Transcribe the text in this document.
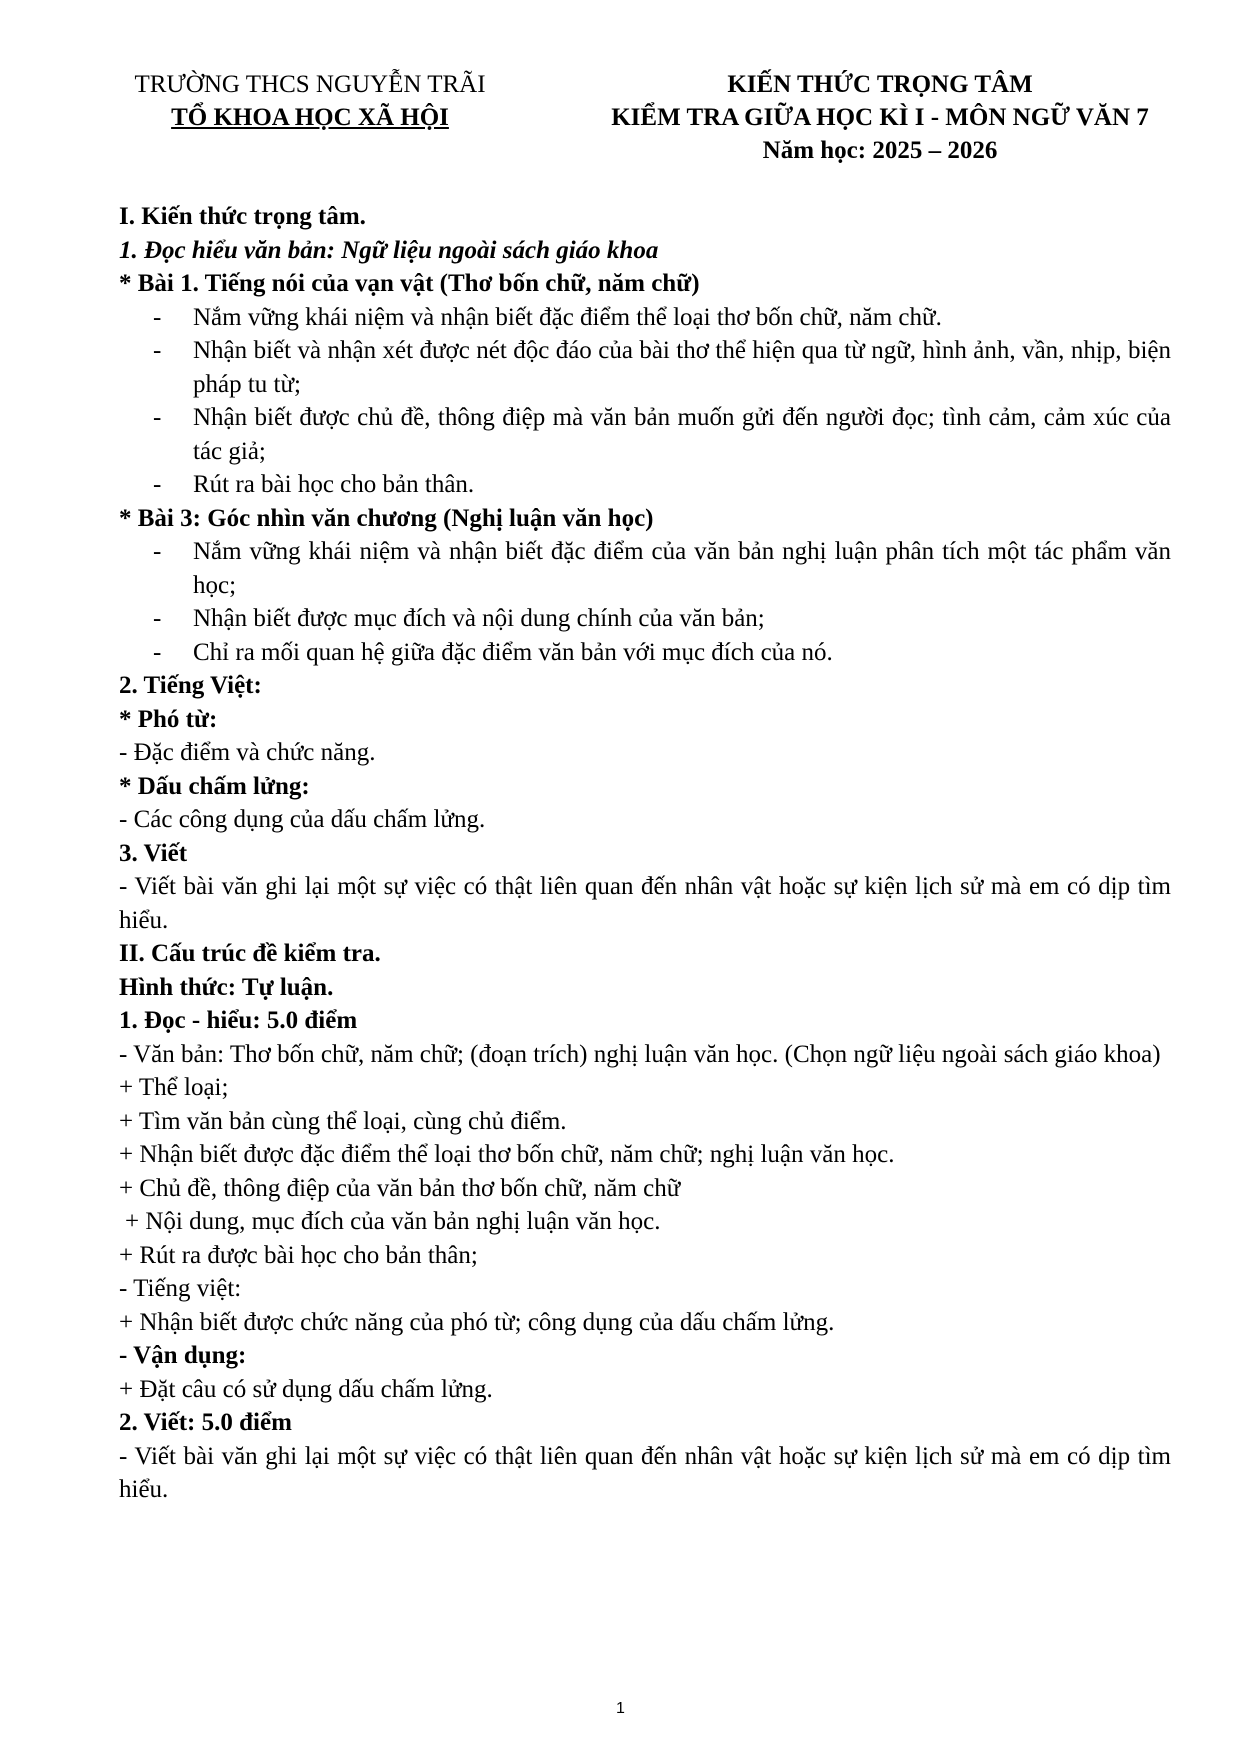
TRƯỜNG THCS NGUYỄN TRÃI
TỔ KHOA HỌC XÃ HỘI
KIẾN THỨC TRỌNG TÂM
KIỂM TRA GIỮA HỌC KÌ I - MÔN NGỮ VĂN 7
Năm học: 2025 – 2026

I. Kiến thức trọng tâm.

1. Đọc hiểu văn bản: Ngữ liệu ngoài sách giáo khoa

* Bài 1. Tiếng nói của vạn vật (Thơ bốn chữ, năm chữ)

- Nắm vững khái niệm và nhận biết đặc điểm thể loại thơ bốn chữ, năm chữ.
- Nhận biết và nhận xét được nét độc đáo của bài thơ thể hiện qua từ ngữ, hình ảnh, vần, nhịp, biện pháp tu từ;
- Nhận biết được chủ đề, thông điệp mà văn bản muốn gửi đến người đọc; tình cảm, cảm xúc của tác giả;
- Rút ra bài học cho bản thân.

* Bài 3: Góc nhìn văn chương (Nghị luận văn học)

- Nắm vững khái niệm và nhận biết đặc điểm của văn bản nghị luận phân tích một tác phẩm văn học;
- Nhận biết được mục đích và nội dung chính của văn bản;
- Chỉ ra mối quan hệ giữa đặc điểm văn bản với mục đích của nó.

2. Tiếng Việt:

* Phó từ:

- Đặc điểm và chức năng.

* Dấu chấm lửng:

- Các công dụng của dấu chấm lửng.

3. Viết

- Viết bài văn ghi lại một sự việc có thật liên quan đến nhân vật hoặc sự kiện lịch sử mà em có dịp tìm hiểu.

II. Cấu trúc đề kiểm tra.

Hình thức: Tự luận.

1. Đọc - hiểu: 5.0 điểm

- Văn bản: Thơ bốn chữ, năm chữ; (đoạn trích) nghị luận văn học. (Chọn ngữ liệu ngoài sách giáo khoa)

+ Thể loại;

+ Tìm văn bản cùng thể loại, cùng chủ điểm.

+ Nhận biết được đặc điểm thể loại thơ bốn chữ, năm chữ; nghị luận văn học.

+ Chủ đề, thông điệp của văn bản thơ bốn chữ, năm chữ

+ Nội dung, mục đích của văn bản nghị luận văn học.

+ Rút ra được bài học cho bản thân;

- Tiếng việt:

+ Nhận biết được chức năng của phó từ; công dụng của dấu chấm lửng.

- Vận dụng:

+ Đặt câu có sử dụng dấu chấm lửng.

2. Viết: 5.0 điểm

- Viết bài văn ghi lại một sự việc có thật liên quan đến nhân vật hoặc sự kiện lịch sử mà em có dịp tìm hiểu.

1
